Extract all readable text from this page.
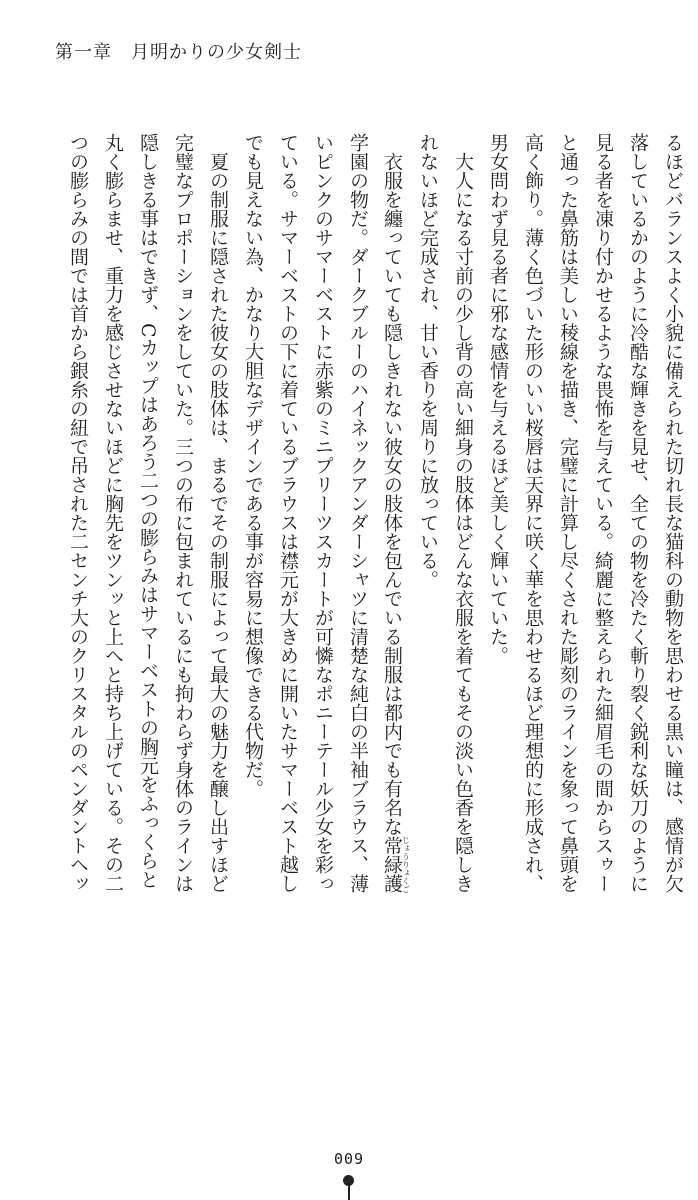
第一章　月明かりの少女剣士
るほどバランスよく小貌に備えられた切れ長な猫科の動物を思わせる黒い瞳は、感情が欠
落しているかのように冷酷な輝きを見せ、全ての物を冷たく斬り裂く鋭利な妖刀のように
見る者を凍り付かせるような畏怖を与えている。綺麗に整えられた細眉毛の間からスゥー
と通った鼻筋は美しい稜線を描き、完璧に計算し尽くされた彫刻のラインを象って鼻頭を
高く飾り。薄く色づいた形のいい桜唇は天界に咲く華を思わせるほど理想的に形成され、
男女問わず見る者に邪な感情を与えるほど美しく輝いていた。
　大人になる寸前の少し背の高い細身の肢体はどんな衣服を着てもその淡い色香を隠しき
れないほど完成され、甘い香りを周りに放っている。
　衣服を纏っていても隠しきれない彼女の肢体を包んでいる制服は都内でも有名な常緑護じょうりょくご
学園の物だ。ダークブルーのハイネックアンダーシャツに清楚な純白の半袖ブラウス、薄
いピンクのサマーベストに赤紫のミニプリーツスカートが可憐なポニーテール少女を彩っ
ている。サマーベストの下に着ているブラウスは襟元が大きめに開いたサマーベスト越し
でも見えない為、かなり大胆なデザインである事が容易に想像できる代物だ。
　夏の制服に隠された彼女の肢体は、まるでその制服によって最大の魅力を醸し出すほど
完璧なプロポーションをしていた。三つの布に包まれているにも拘わらず身体のラインは
隠しきる事はできず、Cカップはあろう二つの膨らみはサマーベストの胸元をふっくらと
丸く膨らませ、重力を感じさせないほどに胸先をツンッと上へと持ち上げている。その二
つの膨らみの間では首から銀糸の紐で吊された二センチ大のクリスタルのペンダントヘッ
009
